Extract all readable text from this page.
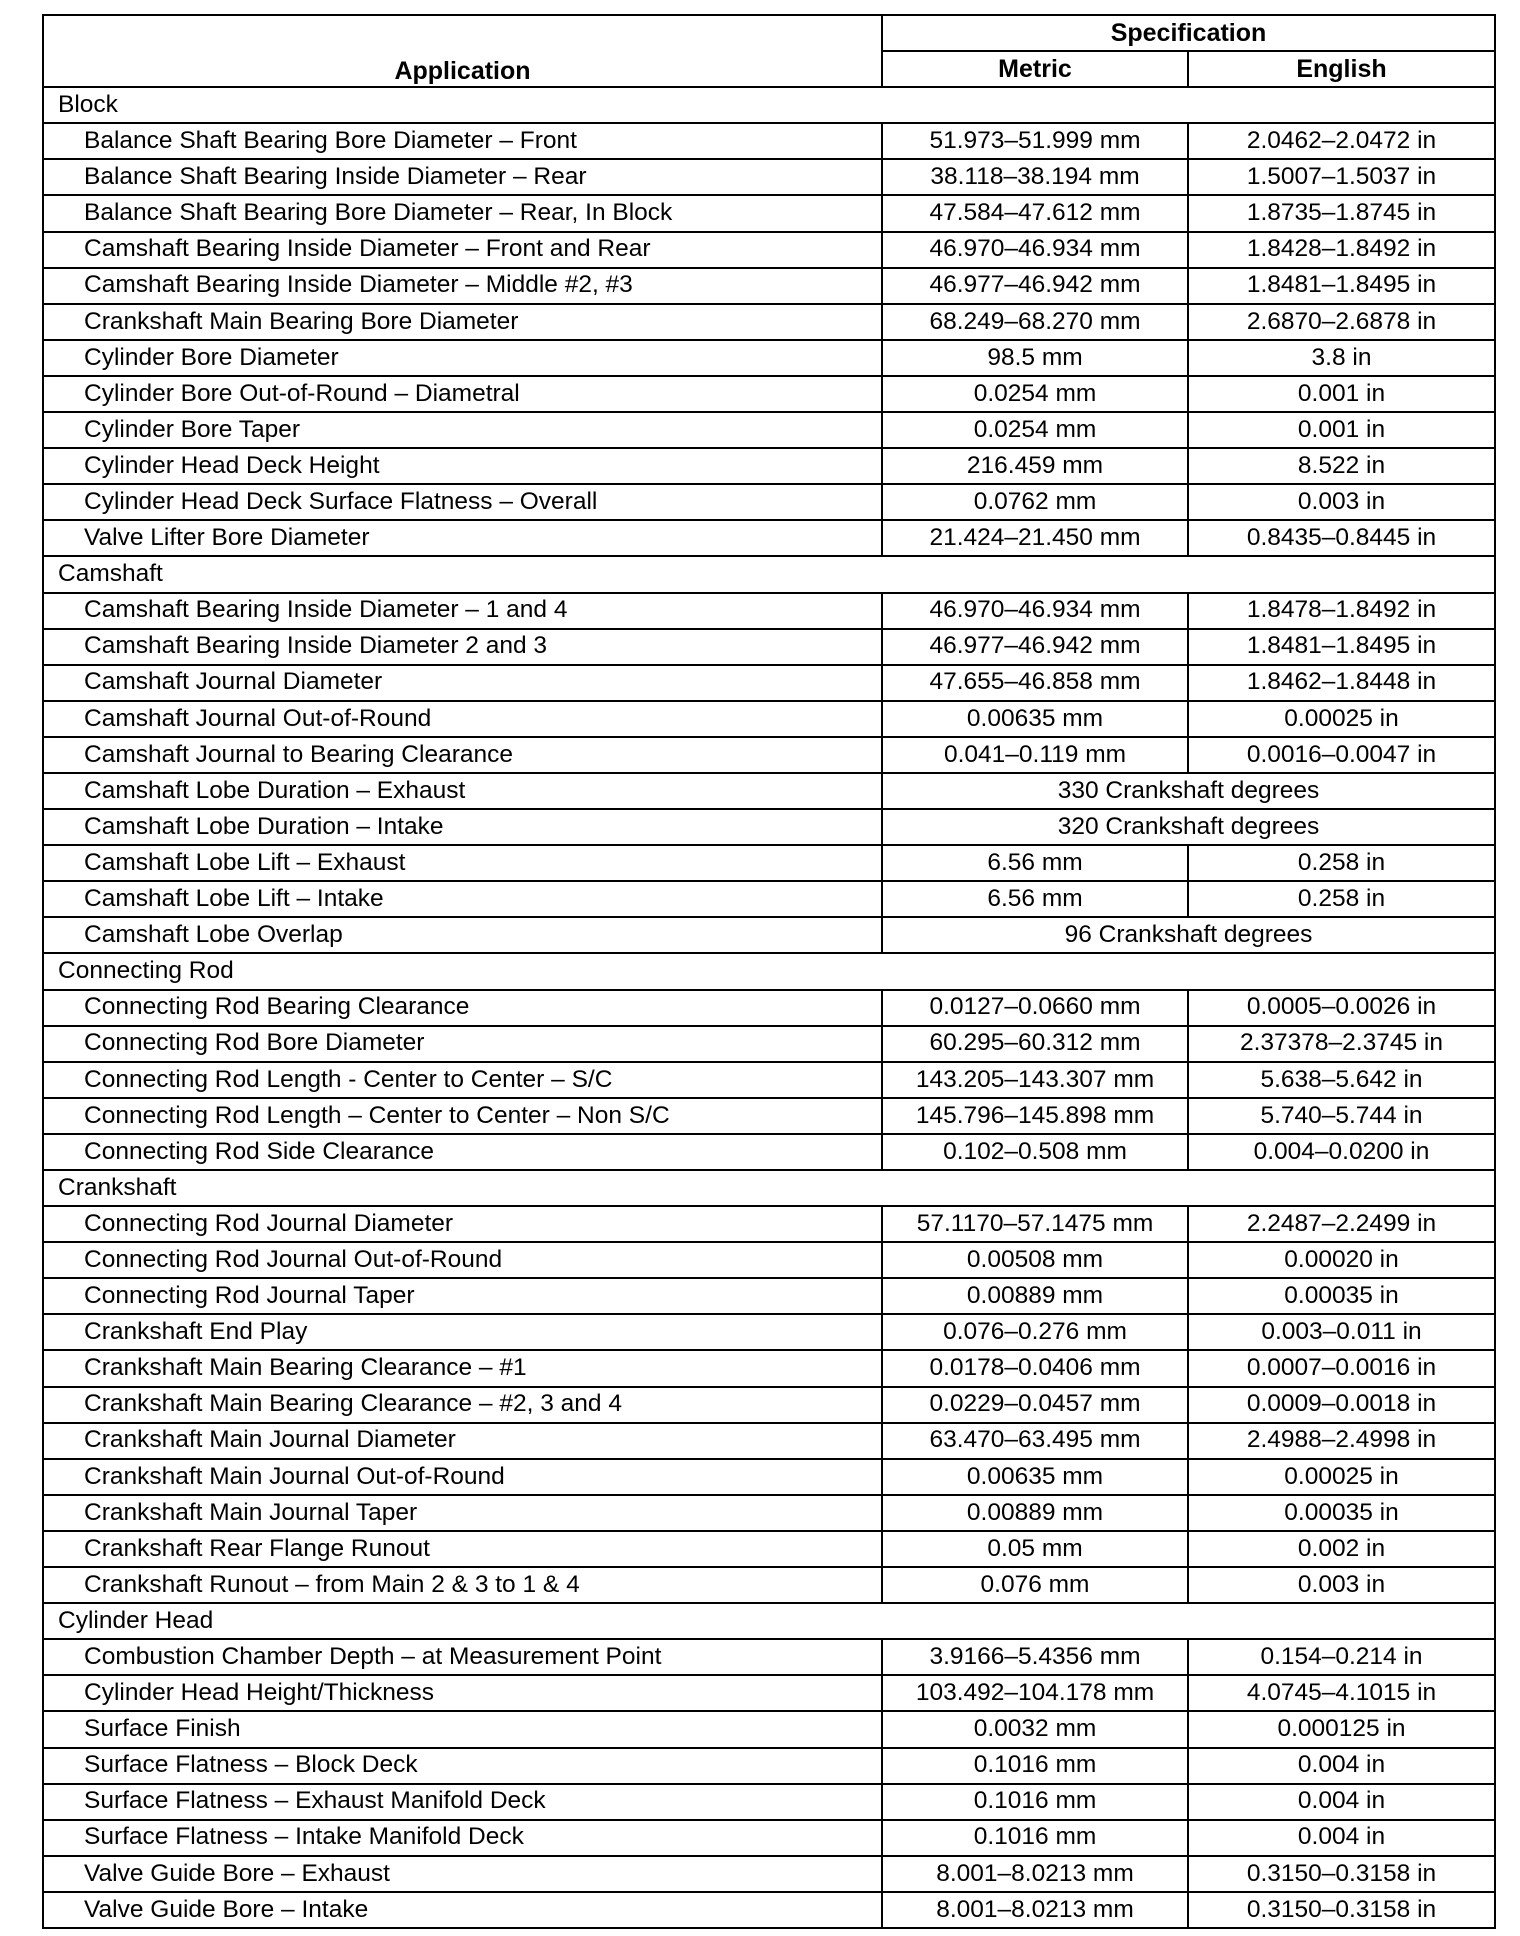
Application	Specification	
	Metric	English
Block		
Balance Shaft Bearing Bore Diameter – Front	51.973–51.999 mm	2.0462–2.0472 in
Balance Shaft Bearing Inside Diameter – Rear	38.118–38.194 mm	1.5007–1.5037 in
Balance Shaft Bearing Bore Diameter – Rear, In Block	47.584–47.612 mm	1.8735–1.8745 in
Camshaft Bearing Inside Diameter – Front and Rear	46.970–46.934 mm	1.8428–1.8492 in
Camshaft Bearing Inside Diameter – Middle #2, #3	46.977–46.942 mm	1.8481–1.8495 in
Crankshaft Main Bearing Bore Diameter	68.249–68.270 mm	2.6870–2.6878 in
Cylinder Bore Diameter	98.5 mm	3.8 in
Cylinder Bore Out-of-Round – Diametral	0.0254 mm	0.001 in
Cylinder Bore Taper	0.0254 mm	0.001 in
Cylinder Head Deck Height	216.459 mm	8.522 in
Cylinder Head Deck Surface Flatness – Overall	0.0762 mm	0.003 in
Valve Lifter Bore Diameter	21.424–21.450 mm	0.8435–0.8445 in
Camshaft		
Camshaft Bearing Inside Diameter – 1 and 4	46.970–46.934 mm	1.8478–1.8492 in
Camshaft Bearing Inside Diameter 2 and 3	46.977–46.942 mm	1.8481–1.8495 in
Camshaft Journal Diameter	47.655–46.858 mm	1.8462–1.8448 in
Camshaft Journal Out-of-Round	0.00635 mm	0.00025 in
Camshaft Journal to Bearing Clearance	0.041–0.119 mm	0.0016–0.0047 in
Camshaft Lobe Duration – Exhaust	330 Crankshaft degrees	
Camshaft Lobe Duration – Intake	320 Crankshaft degrees	
Camshaft Lobe Lift – Exhaust	6.56 mm	0.258 in
Camshaft Lobe Lift – Intake	6.56 mm	0.258 in
Camshaft Lobe Overlap	96 Crankshaft degrees	
Connecting Rod		
Connecting Rod Bearing Clearance	0.0127–0.0660 mm	0.0005–0.0026 in
Connecting Rod Bore Diameter	60.295–60.312 mm	2.37378–2.3745 in
Connecting Rod Length - Center to Center – S/C	143.205–143.307 mm	5.638–5.642 in
Connecting Rod Length – Center to Center – Non S/C	145.796–145.898 mm	5.740–5.744 in
Connecting Rod Side Clearance	0.102–0.508 mm	0.004–0.0200 in
Crankshaft		
Connecting Rod Journal Diameter	57.1170–57.1475 mm	2.2487–2.2499 in
Connecting Rod Journal Out-of-Round	0.00508 mm	0.00020 in
Connecting Rod Journal Taper	0.00889 mm	0.00035 in
Crankshaft End Play	0.076–0.276 mm	0.003–0.011 in
Crankshaft Main Bearing Clearance – #1	0.0178–0.0406 mm	0.0007–0.0016 in
Crankshaft Main Bearing Clearance – #2, 3 and 4	0.0229–0.0457 mm	0.0009–0.0018 in
Crankshaft Main Journal Diameter	63.470–63.495 mm	2.4988–2.4998 in
Crankshaft Main Journal Out-of-Round	0.00635 mm	0.00025 in
Crankshaft Main Journal Taper	0.00889 mm	0.00035 in
Crankshaft Rear Flange Runout	0.05 mm	0.002 in
Crankshaft Runout – from Main 2 & 3 to 1 & 4	0.076 mm	0.003 in
Cylinder Head		
Combustion Chamber Depth – at Measurement Point	3.9166–5.4356 mm	0.154–0.214 in
Cylinder Head Height/Thickness	103.492–104.178 mm	4.0745–4.1015 in
Surface Finish	0.0032 mm	0.000125 in
Surface Flatness – Block Deck	0.1016 mm	0.004 in
Surface Flatness – Exhaust Manifold Deck	0.1016 mm	0.004 in
Surface Flatness – Intake Manifold Deck	0.1016 mm	0.004 in
Valve Guide Bore – Exhaust	8.001–8.0213 mm	0.3150–0.3158 in
Valve Guide Bore – Intake	8.001–8.0213 mm	0.3150–0.3158 in
